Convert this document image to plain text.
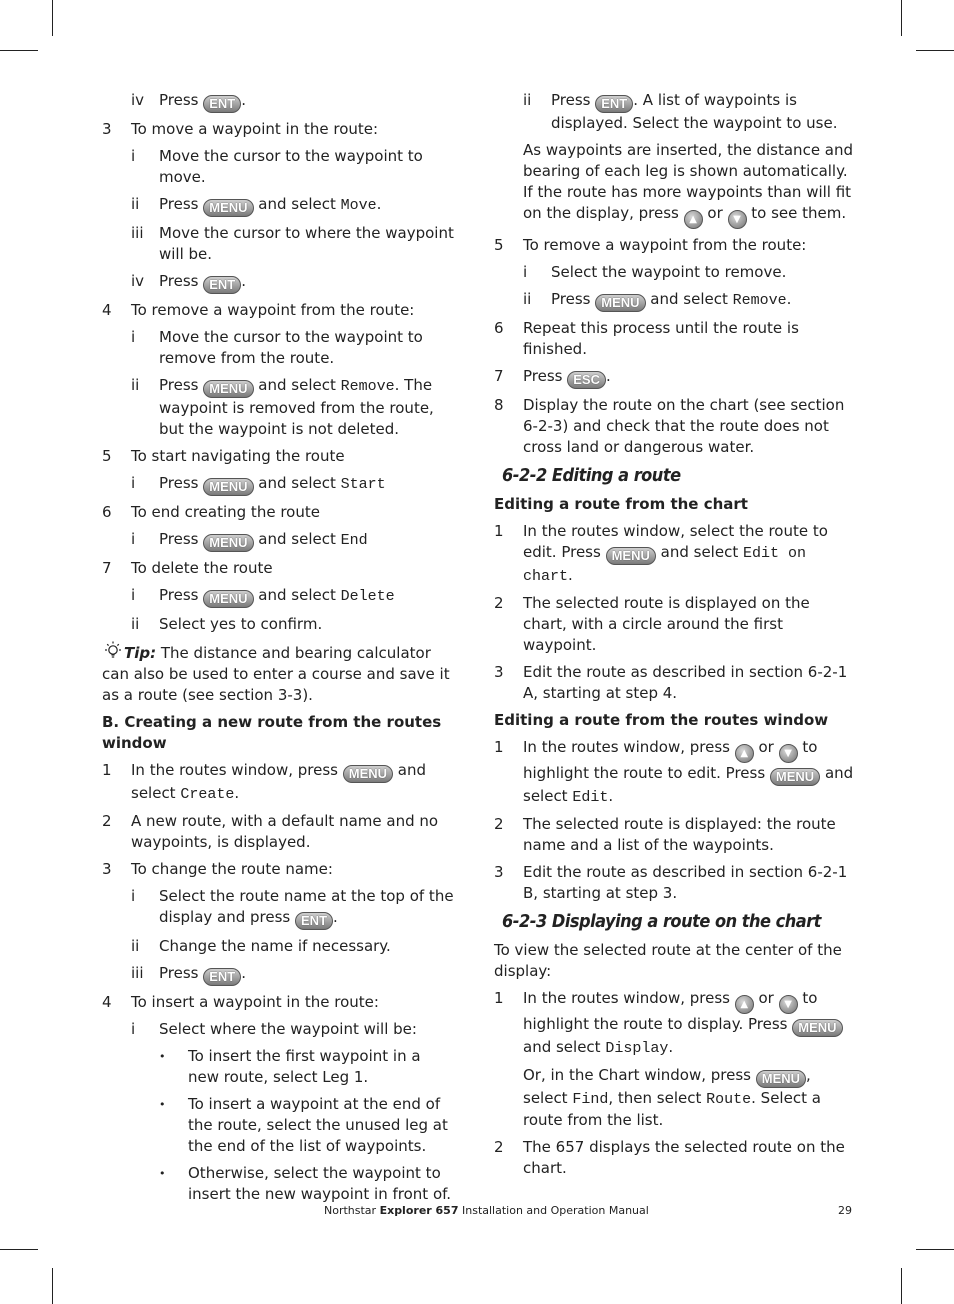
iv Press ENT .
3 To move a waypoint in the route:
i Move the cursor to the waypoint to move.
ii Press MENU and select Move.
iii Move the cursor to where the waypoint will be.
iv Press ENT .
4 To remove a waypoint from the route:
i Move the cursor to the waypoint to remove from the route.
ii Press MENU and select Remove. The waypoint is removed from the route, but the waypoint is not deleted.
5 To start navigating the route
i Press MENU and select Start
6 To end creating the route
i Press MENU and select End
7 To delete the route
i Press MENU and select Delete
ii Select yes to confirm.
Tip: The distance and bearing calculator can also be used to enter a course and save it as a route (see section 3-3).
B. Creating a new route from the routes window
1 In the routes window, press MENU and select Create.
2 A new route, with a default name and no waypoints, is displayed.
3 To change the route name:
i Select the route name at the top of the display and press ENT .
ii Change the name if necessary.
iii Press ENT .
4 To insert a waypoint in the route:
i Select where the waypoint will be:
• To insert the first waypoint in a new route, select Leg 1.
• To insert a waypoint at the end of the route, select the unused leg at the end of the list of waypoints.
• Otherwise, select the waypoint to insert the new waypoint in front of.
ii Press ENT . A list of waypoints is displayed. Select the waypoint to use.
As waypoints are inserted, the distance and bearing of each leg is shown automatically. If the route has more waypoints than will fit on the display, press ▲ or ▼ to see them.
5 To remove a waypoint from the route:
i Select the waypoint to remove.
ii Press MENU and select Remove.
6 Repeat this process until the route is finished.
7 Press ESC .
8 Display the route on the chart (see section 6-2-3) and check that the route does not cross land or dangerous water.
6-2-2 Editing a route
Editing a route from the chart
1 In the routes window, select the route to edit. Press MENU and select Edit on chart.
2 The selected route is displayed on the chart, with a circle around the first waypoint.
3 Edit the route as described in section 6-2-1 A, starting at step 4.
Editing a route from the routes window
1 In the routes window, press ▲ or ▼ to highlight the route to edit. Press MENU and select Edit.
2 The selected route is displayed: the route name and a list of the waypoints.
3 Edit the route as described in section 6-2-1 B, starting at step 3.
6-2-3 Displaying a route on the chart
To view the selected route at the center of the display:
1 In the routes window, press ▲ or ▼ to highlight the route to display. Press MENU and select Display.
Or, in the Chart window, press MENU , select Find, then select Route. Select a route from the list.
2 The 657 displays the selected route on the chart.
Northstar Explorer 657 Installation and Operation Manual	29
